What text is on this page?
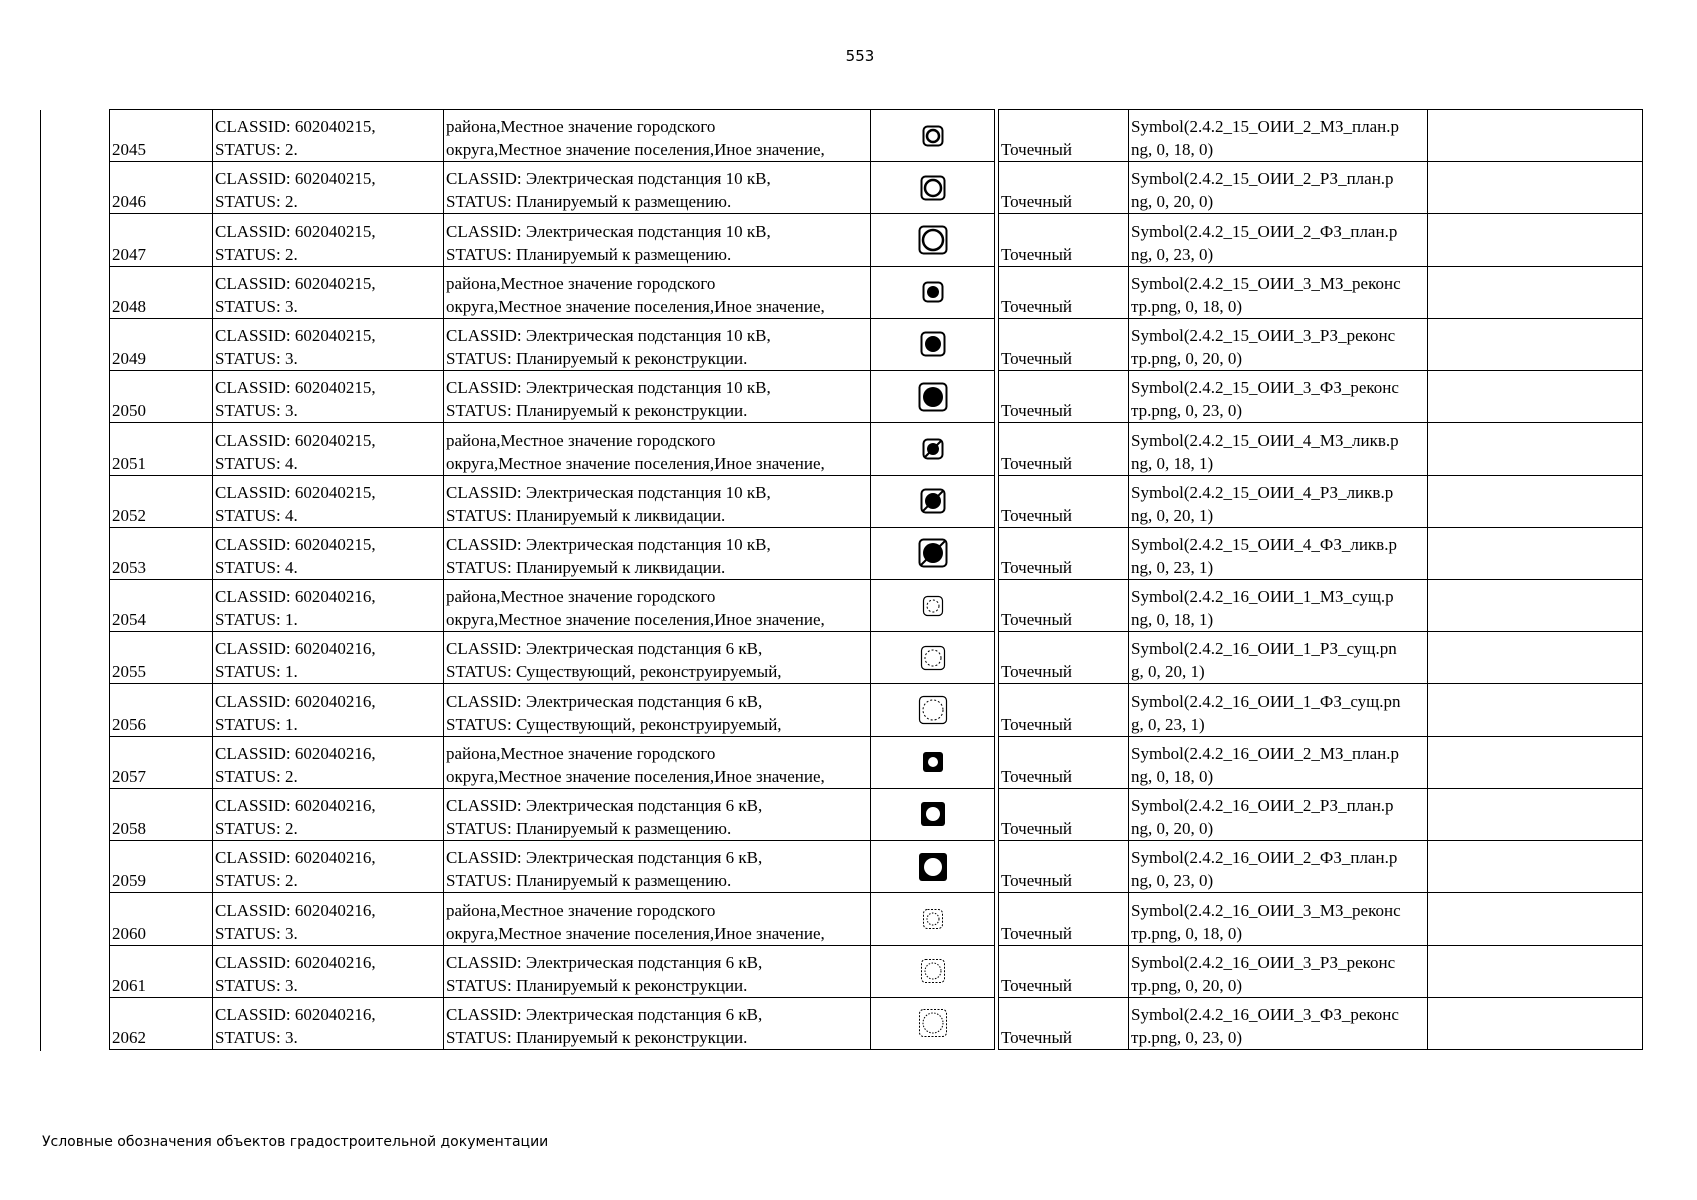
553
2045	CLASSID: 602040215,
STATUS: 2.	района,Местное значение городского
округа,Местное значение поселения,Иное значение,			Точечный	Symbol(2.4.2_15_ОИИ_2_МЗ_план.p
ng, 0, 18, 0)	

2046	CLASSID: 602040215,
STATUS: 2.	CLASSID: Электрическая подстанция 10 кВ,
STATUS: Планируемый к размещению.			Точечный	Symbol(2.4.2_15_ОИИ_2_РЗ_план.p
ng, 0, 20, 0)	

2047	CLASSID: 602040215,
STATUS: 2.	CLASSID: Электрическая подстанция 10 кВ,
STATUS: Планируемый к размещению.			Точечный	Symbol(2.4.2_15_ОИИ_2_ФЗ_план.p
ng, 0, 23, 0)	

2048	CLASSID: 602040215,
STATUS: 3.	района,Местное значение городского
округа,Местное значение поселения,Иное значение,			Точечный	Symbol(2.4.2_15_ОИИ_3_МЗ_реконс
тр.png, 0, 18, 0)	

2049	CLASSID: 602040215,
STATUS: 3.	CLASSID: Электрическая подстанция 10 кВ,
STATUS: Планируемый к реконструкции.			Точечный	Symbol(2.4.2_15_ОИИ_3_РЗ_реконс
тр.png, 0, 20, 0)	

2050	CLASSID: 602040215,
STATUS: 3.	CLASSID: Электрическая подстанция 10 кВ,
STATUS: Планируемый к реконструкции.			Точечный	Symbol(2.4.2_15_ОИИ_3_ФЗ_реконс
тр.png, 0, 23, 0)	

2051	CLASSID: 602040215,
STATUS: 4.	района,Местное значение городского
округа,Местное значение поселения,Иное значение,			Точечный	Symbol(2.4.2_15_ОИИ_4_МЗ_ликв.p
ng, 0, 18, 1)	

2052	CLASSID: 602040215,
STATUS: 4.	CLASSID: Электрическая подстанция 10 кВ,
STATUS: Планируемый к ликвидации.			Точечный	Symbol(2.4.2_15_ОИИ_4_РЗ_ликв.p
ng, 0, 20, 1)	

2053	CLASSID: 602040215,
STATUS: 4.	CLASSID: Электрическая подстанция 10 кВ,
STATUS: Планируемый к ликвидации.			Точечный	Symbol(2.4.2_15_ОИИ_4_ФЗ_ликв.p
ng, 0, 23, 1)	

2054	CLASSID: 602040216,
STATUS: 1.	района,Местное значение городского
округа,Местное значение поселения,Иное значение,			Точечный	Symbol(2.4.2_16_ОИИ_1_МЗ_сущ.p
ng, 0, 18, 1)	

2055	CLASSID: 602040216,
STATUS: 1.	CLASSID: Электрическая подстанция 6 кВ,
STATUS: Существующий, реконструируемый,			Точечный	Symbol(2.4.2_16_ОИИ_1_РЗ_сущ.pn
g, 0, 20, 1)	

2056	CLASSID: 602040216,
STATUS: 1.	CLASSID: Электрическая подстанция 6 кВ,
STATUS: Существующий, реконструируемый,			Точечный	Symbol(2.4.2_16_ОИИ_1_ФЗ_сущ.pn
g, 0, 23, 1)	

2057	CLASSID: 602040216,
STATUS: 2.	района,Местное значение городского
округа,Местное значение поселения,Иное значение,			Точечный	Symbol(2.4.2_16_ОИИ_2_МЗ_план.p
ng, 0, 18, 0)	

2058	CLASSID: 602040216,
STATUS: 2.	CLASSID: Электрическая подстанция 6 кВ,
STATUS: Планируемый к размещению.			Точечный	Symbol(2.4.2_16_ОИИ_2_РЗ_план.p
ng, 0, 20, 0)	

2059	CLASSID: 602040216,
STATUS: 2.	CLASSID: Электрическая подстанция 6 кВ,
STATUS: Планируемый к размещению.			Точечный	Symbol(2.4.2_16_ОИИ_2_ФЗ_план.p
ng, 0, 23, 0)	

2060	CLASSID: 602040216,
STATUS: 3.	района,Местное значение городского
округа,Местное значение поселения,Иное значение,			Точечный	Symbol(2.4.2_16_ОИИ_3_МЗ_реконс
тр.png, 0, 18, 0)	

2061	CLASSID: 602040216,
STATUS: 3.	CLASSID: Электрическая подстанция 6 кВ,
STATUS: Планируемый к реконструкции.			Точечный	Symbol(2.4.2_16_ОИИ_3_РЗ_реконс
тр.png, 0, 20, 0)	

2062	CLASSID: 602040216,
STATUS: 3.	CLASSID: Электрическая подстанция 6 кВ,
STATUS: Планируемый к реконструкции.			Точечный	Symbol(2.4.2_16_ОИИ_3_ФЗ_реконс
тр.png, 0, 23, 0)	

Условные обозначения объектов градостроительной документации
